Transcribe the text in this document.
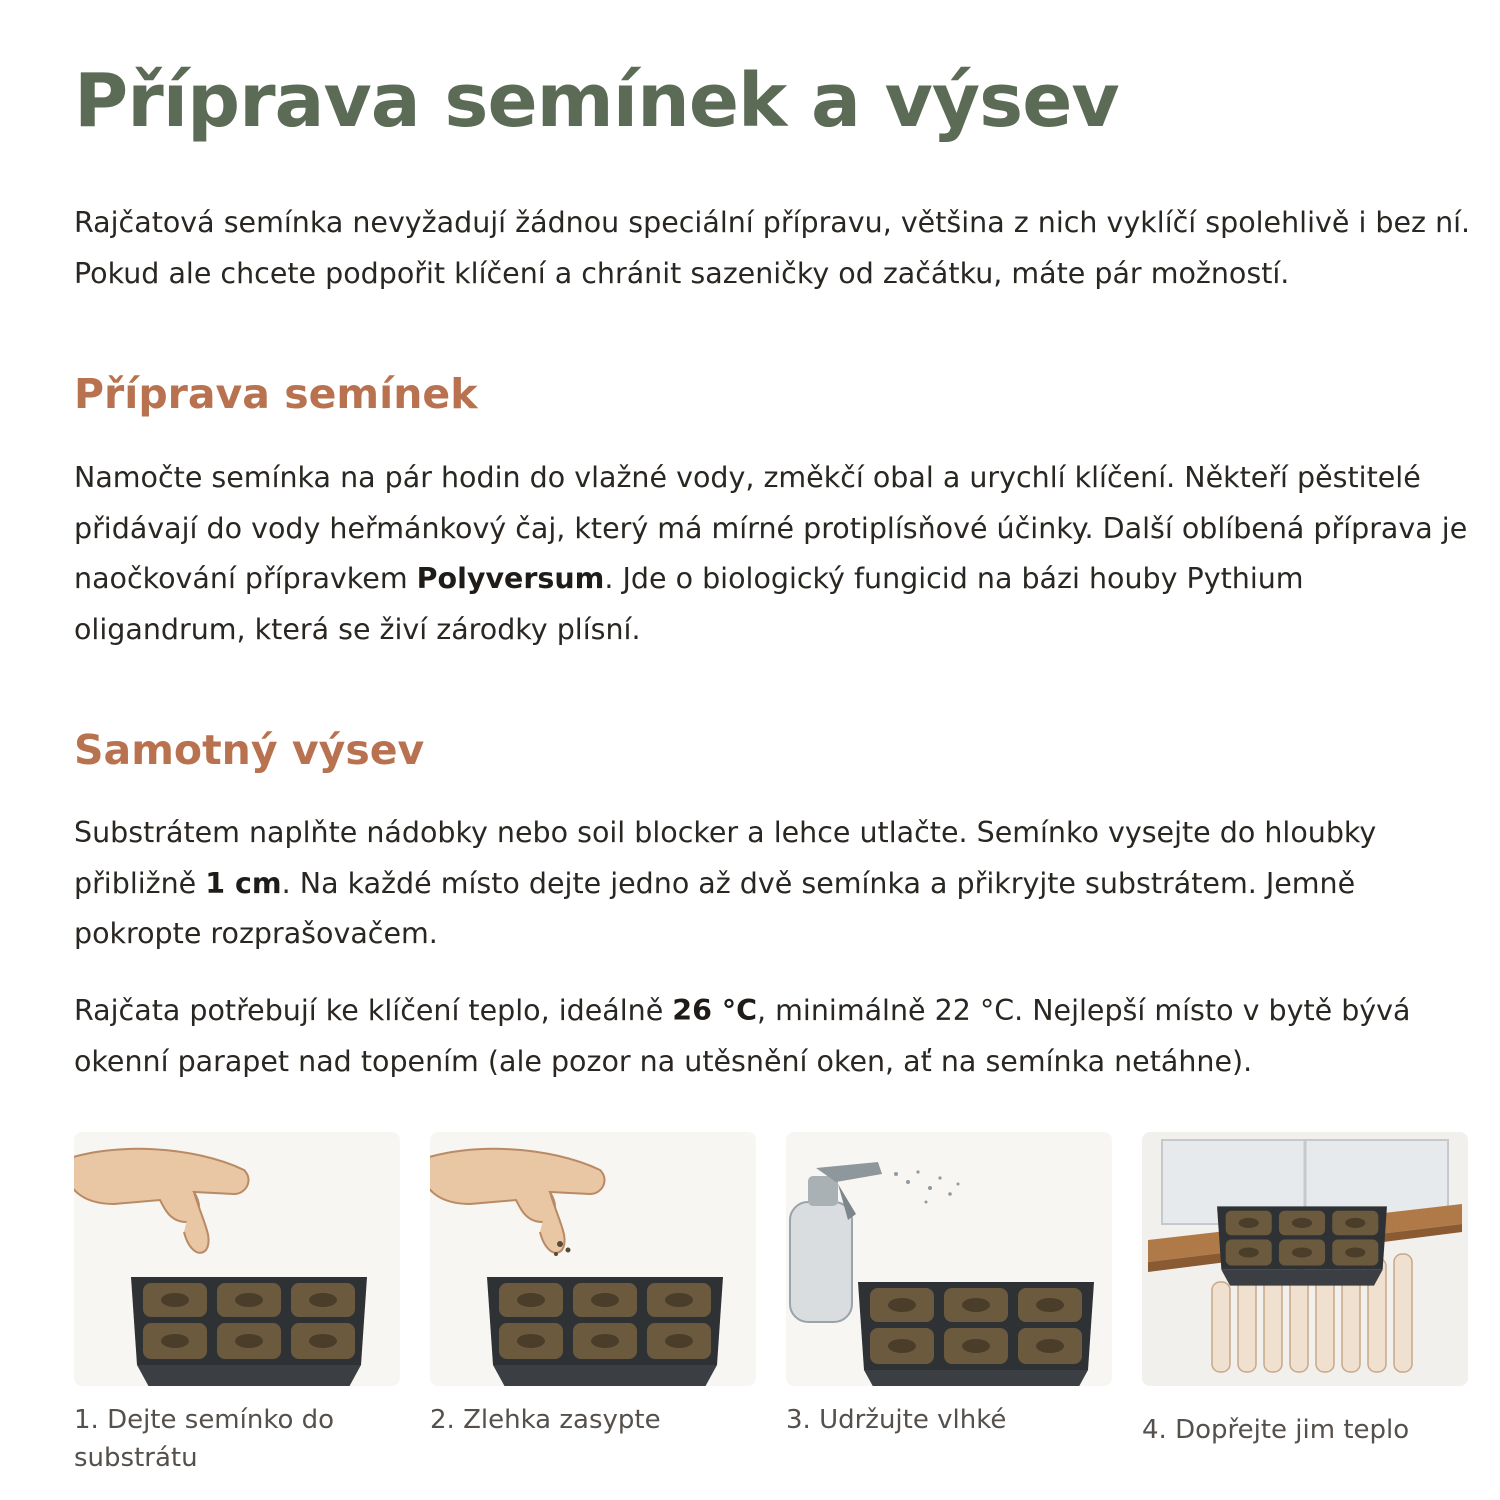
Příprava semínek a výsev

Rajčatová semínka nevyžadují žádnou speciální přípravu, většina z nich vyklíčí spolehlivě i bez ní. Pokud ale chcete podpořit klíčení a chránit sazeničky od začátku, máte pár možností.

Příprava semínek

Namočte semínka na pár hodin do vlažné vody, změkčí obal a urychlí klíčení. Někteří pěstitelé přidávají do vody heřmánkový čaj, který má mírné protiplísňové účinky. Další oblíbená příprava je naočkování přípravkem Polyversum. Jde o biologický fungicid na bázi houby Pythium oligandrum, která se živí zárodky plísní.

Samotný výsev

Substrátem naplňte nádobky nebo soil blocker a lehce utlačte. Semínko vysejte do hloubky přibližně 1 cm. Na každé místo dejte jedno až dvě semínka a přikryjte substrátem. Jemně pokropte rozprašovačem.

Rajčata potřebují ke klíčení teplo, ideálně 26 °C, minimálně 22 °C. Nejlepší místo v bytě bývá okenní parapet nad topením (ale pozor na utěsnění oken, ať na semínka netáhne).

1. Dejte semínko do substrátu

2. Zlehka zasypte	3. Udržujte vlhké	4. Dopřejte jim teplo
